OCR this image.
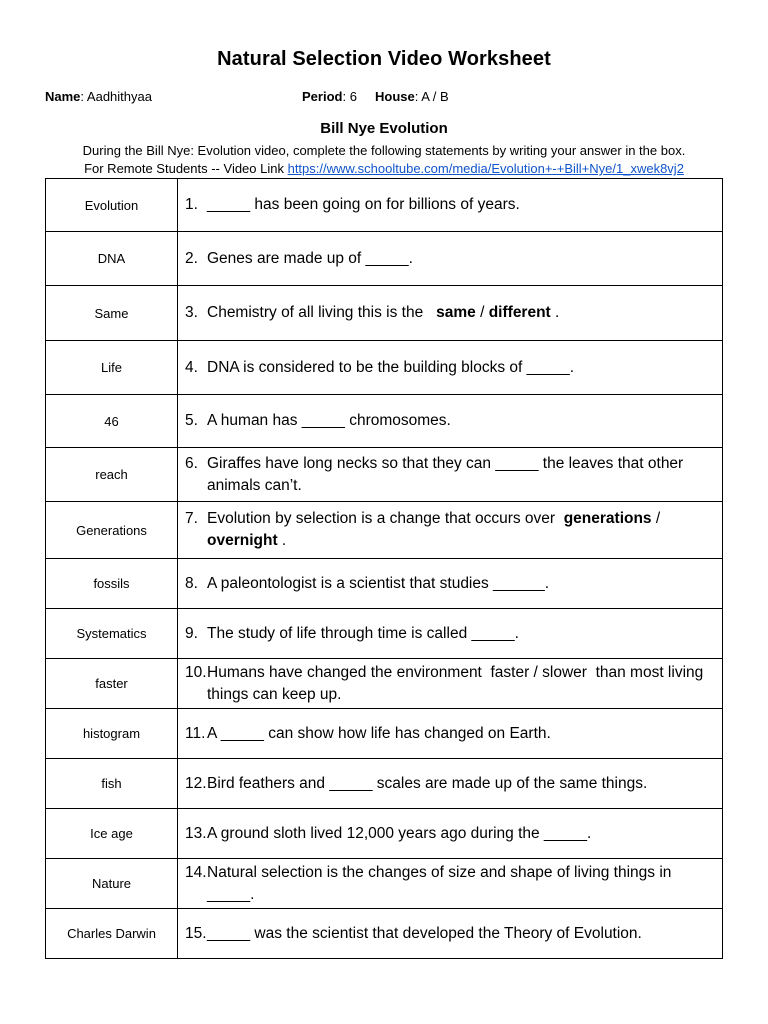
Natural Selection Video Worksheet
Name: Aadhithyaa	Period: 6 House: A / B
Bill Nye Evolution
During the Bill Nye: Evolution video, complete the following statements by writing your answer in the box.
For Remote Students -- Video Link https://www.schooltube.com/media/Evolution+-+Bill+Nye/1_xwek8vj2
Evolution	1. _____ has been going on for billions of years.

DNA	2. Genes are made up of _____.

Same	3. Chemistry of all living this is the   same / different .

Life	4. DNA is considered to be the building blocks of _____.

46	5. A human has _____ chromosomes.

reach	6. Giraffes have long necks so that they can _____ the leaves that other animals can’t.

Generations	7. Evolution by selection is a change that occurs over  generations / overnight .

fossils	8. A paleontologist is a scientist that studies ______.

Systematics	9. The study of life through time is called _____.

faster	10. Humans have changed the environment  faster / slower  than most living things can keep up.

histogram	11. A _____ can show how life has changed on Earth.

fish	12. Bird feathers and _____ scales are made up of the same things.

Ice age	13. A ground sloth lived 12,000 years ago during the _____.

Nature	14. Natural selection is the changes of size and shape of living things in _____.

Charles Darwin	15. _____ was the scientist that developed the Theory of Evolution.
